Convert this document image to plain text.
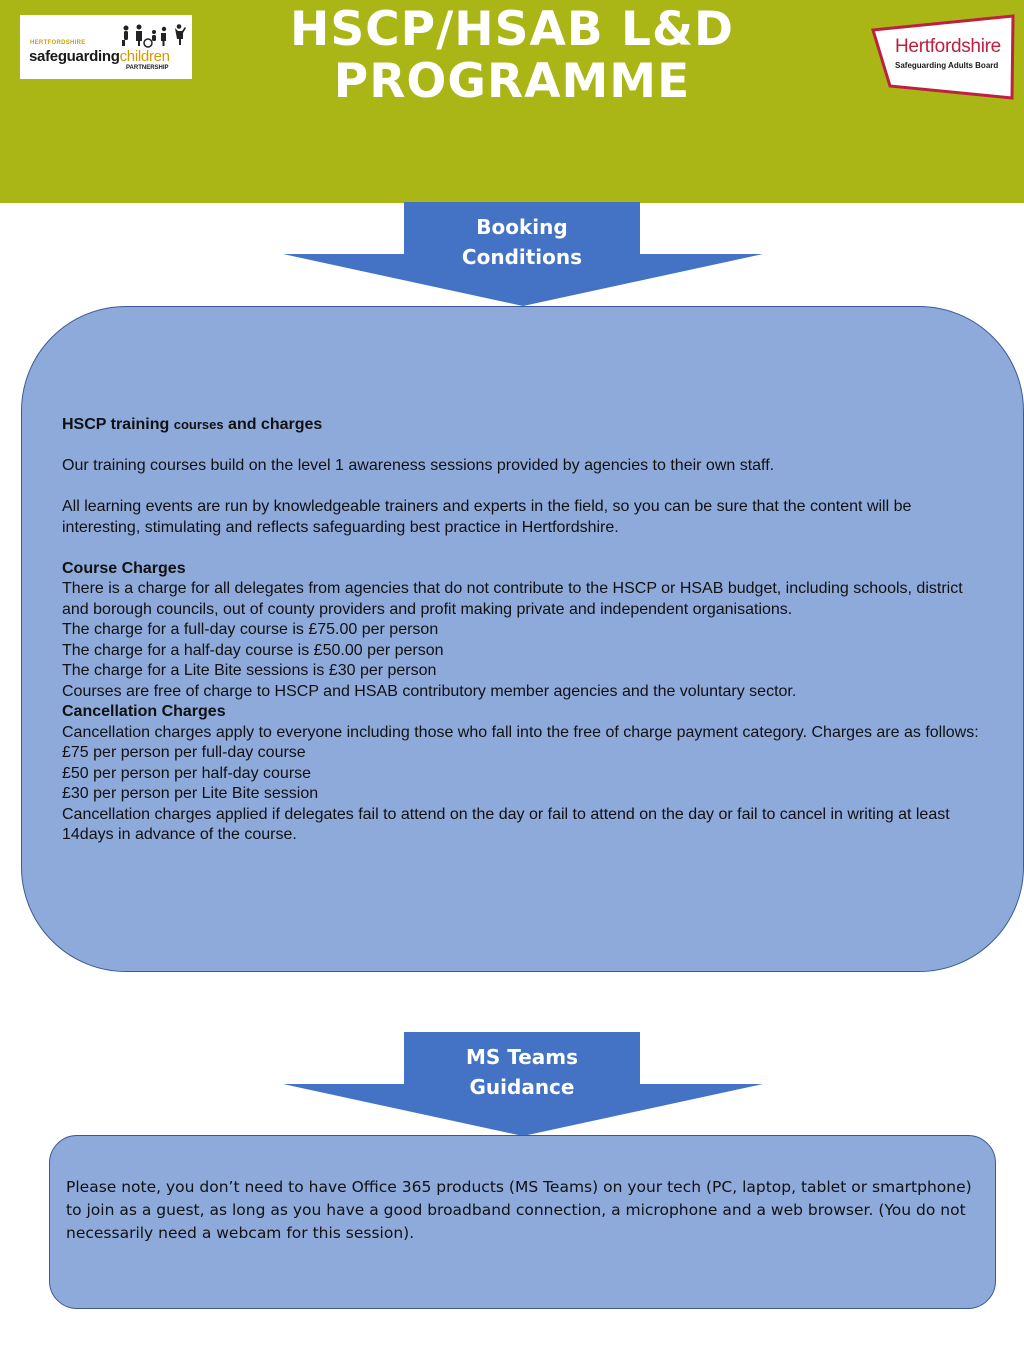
HERTFORDSHIRE
safeguardingchildren
PARTNERSHIP
HSCP/HSAB L&D
PROGRAMME
Hertfordshire
Safeguarding Adults Board
Booking
Conditions

HSCP training courses and charges

Our training courses build on the level 1 awareness sessions provided by agencies to their own staff.

All learning events are run by knowledgeable trainers and experts in the field, so you can be sure that the content will be interesting, stimulating and reflects safeguarding best practice in Hertfordshire.

Course Charges

There is a charge for all delegates from agencies that do not contribute to the HSCP or HSAB budget, including schools, district and borough councils, out of county providers and profit making private and independent organisations.

The charge for a full-day course is £75.00 per person

The charge for a half-day course is £50.00 per person

The charge for a Lite Bite sessions is £30 per person

Courses are free of charge to HSCP and HSAB contributory member agencies and the voluntary sector.

Cancellation Charges

Cancellation charges apply to everyone including those who fall into the free of charge payment category. Charges are as follows:

£75 per person per full-day course

£50 per person per half-day course

£30 per person per Lite Bite session

Cancellation charges applied if delegates fail to attend on the day or fail to attend on the day or fail to cancel in writing at least 14days in advance of the course.

MS Teams
Guidance

Please note, you don’t need to have Office 365 products (MS Teams) on your tech (PC, laptop, tablet or smartphone) to join as a guest, as long as you have a good broadband connection, a microphone and a web browser. (You do not necessarily need a webcam for this session).
